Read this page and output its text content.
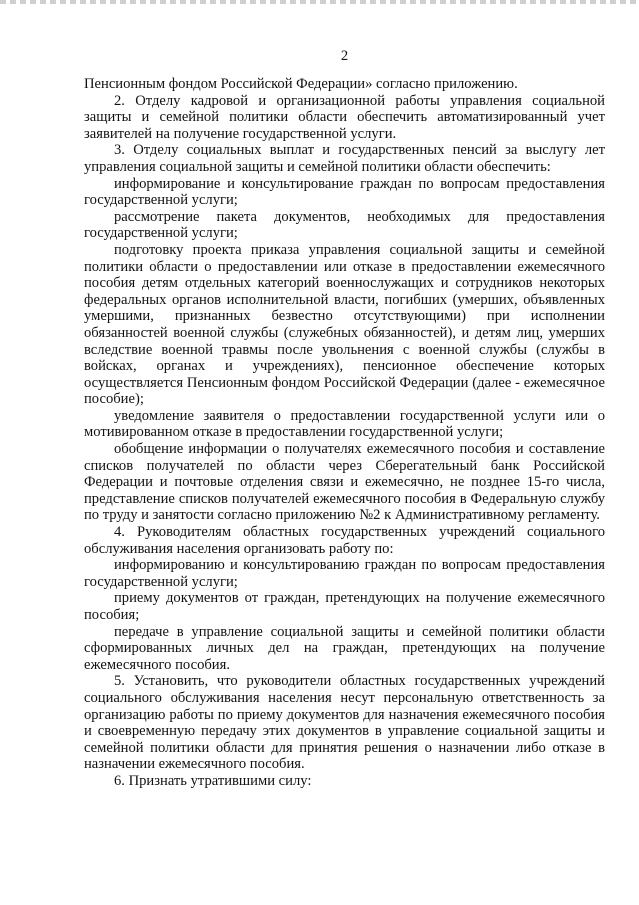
2

Пенсионным фондом Российской Федерации» согласно приложению.

2. Отделу кадровой и организационной работы управления социальной защиты и семейной политики области обеспечить автоматизированный учет заявителей на получение государственной услуги.

3. Отделу социальных выплат и государственных пенсий за выслугу лет управления социальной защиты и семейной политики области обеспечить:

информирование и консультирование граждан по вопросам предоставления государственной услуги;

рассмотрение пакета документов, необходимых для предоставления государственной услуги;

подготовку проекта приказа управления социальной защиты и семейной политики области о предоставлении или отказе в предоставлении ежемесячного пособия детям отдельных категорий военнослужащих и сотрудников некоторых федеральных органов исполнительной власти, погибших (умерших, объявленных умершими, признанных безвестно отсутствующими) при исполнении обязанностей военной службы (служебных обязанностей), и детям лиц, умерших вследствие военной травмы после увольнения с военной службы (службы в войсках, органах и учреждениях), пенсионное обеспечение которых осуществляется Пенсионным фондом Российской Федерации (далее - ежемесячное пособие);

уведомление заявителя о предоставлении государственной услуги или о мотивированном отказе в предоставлении государственной услуги;

обобщение информации о получателях ежемесячного пособия и составление списков получателей по области через Сберегательный банк Российской Федерации и почтовые отделения связи и ежемесячно, не позднее 15-го числа, представление списков получателей ежемесячного пособия в Федеральную службу по труду и занятости согласно приложению №2 к Административному регламенту.

4. Руководителям областных государственных учреждений социального обслуживания населения организовать работу по:

информированию и консультированию граждан по вопросам предоставления государственной услуги;

приему документов от граждан, претендующих на получение ежемесячного пособия;

передаче в управление социальной защиты и семейной политики области сформированных личных дел на граждан, претендующих на получение ежемесячного пособия.

5. Установить, что руководители областных государственных учреждений социального обслуживания населения несут персональную ответственность за организацию работы по приему документов для назначения ежемесячного пособия и своевременную передачу этих документов в управление социальной защиты и семейной политики области для принятия решения о назначении либо отказе в назначении ежемесячного пособия.

6. Признать утратившими силу:
